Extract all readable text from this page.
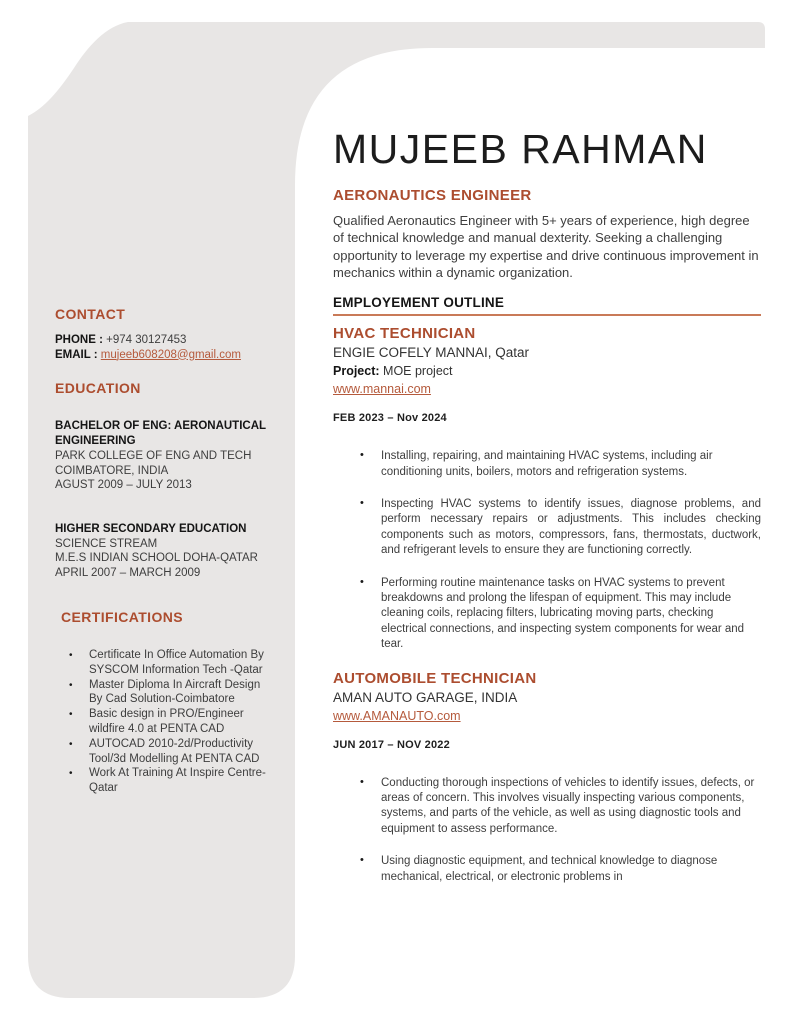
CONTACT
PHONE : +974 30127453
EMAIL : mujeeb608208@gmail.com
EDUCATION
BACHELOR OF ENG: AERONAUTICAL ENGINEERING
PARK COLLEGE OF ENG AND TECH
COIMBATORE, INDIA
AGUST 2009 – JULY 2013
HIGHER SECONDARY EDUCATION
SCIENCE STREAM
M.E.S INDIAN SCHOOL DOHA-QATAR
APRIL 2007 – MARCH 2009
CERTIFICATIONS
•	Certificate In Office Automation By SYSCOM Information Tech -Qatar
•	Master Diploma In Aircraft Design By Cad Solution-Coimbatore
•	Basic design in PRO/Engineer wildfire 4.0 at PENTA CAD
•	AUTOCAD 2010-2d/Productivity Tool/3d Modelling At PENTA CAD
•	Work At Training At Inspire Centre- Qatar
MUJEEB RAHMAN
AERONAUTICS ENGINEER

Qualified Aeronautics Engineer with 5+ years of experience, high degree of technical knowledge and manual dexterity. Seeking a challenging opportunity to leverage my expertise and drive continuous improvement in mechanics within a dynamic organization.

EMPLOYEMENT OUTLINE
HVAC TECHNICIAN
ENGIE COFELY MANNAI, Qatar
Project: MOE project
www.mannai.com
FEB 2023 – Nov 2024
•	Installing, repairing, and maintaining HVAC systems, including air conditioning units, boilers, motors and refrigeration systems.
•	Inspecting HVAC systems to identify issues, diagnose problems, and perform necessary repairs or adjustments. This includes checking components such as motors, compressors, fans, thermostats, ductwork, and refrigerant levels to ensure they are functioning correctly.
•	Performing routine maintenance tasks on HVAC systems to prevent breakdowns and prolong the lifespan of equipment. This may include cleaning coils, replacing filters, lubricating moving parts, checking electrical connections, and inspecting system components for wear and tear.
AUTOMOBILE TECHNICIAN
AMAN AUTO GARAGE, INDIA
www.AMANAUTO.com
JUN 2017 – NOV 2022
•	Conducting thorough inspections of vehicles to identify issues, defects, or areas of concern. This involves visually inspecting various components, systems, and parts of the vehicle, as well as using diagnostic tools and equipment to assess performance.
•	Using diagnostic equipment, and technical knowledge to diagnose mechanical, electrical, or electronic problems in
